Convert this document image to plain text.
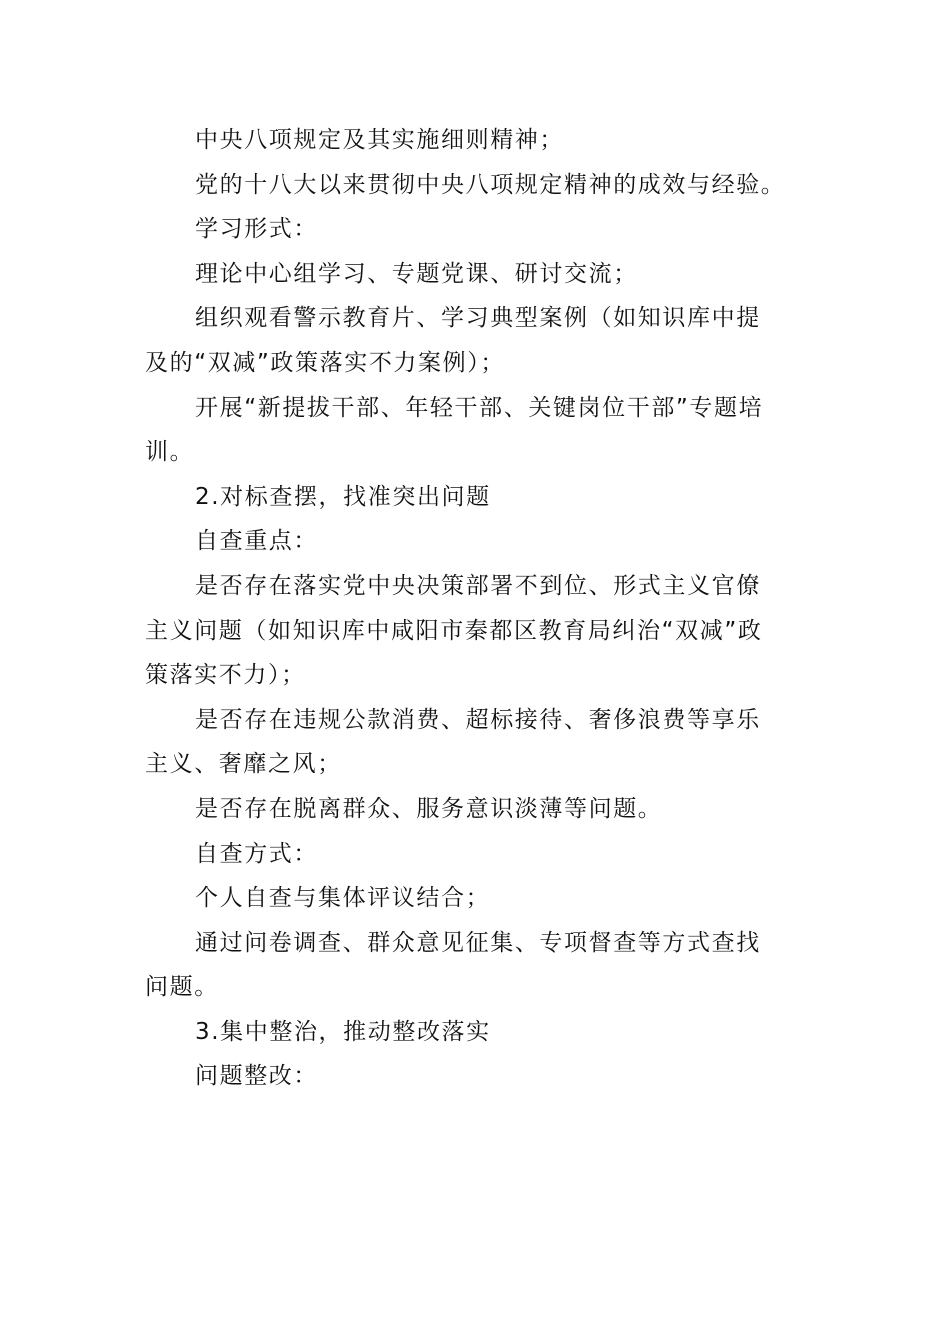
中央八项规定及其实施细则精神；
党的十八大以来贯彻中央八项规定精神的成效与经验。
学习形式：
理论中心组学习、专题党课、研讨交流；
组织观看警示教育片、学习典型案例（如知识库中提
及的“双减”政策落实不力案例）；
开展“新提拔干部、年轻干部、关键岗位干部”专题培
训。
2.对标查摆，找准突出问题
自查重点：
是否存在落实党中央决策部署不到位、形式主义官僚
主义问题（如知识库中咸阳市秦都区教育局纠治“双减”政
策落实不力）；
是否存在违规公款消费、超标接待、奢侈浪费等享乐
主义、奢靡之风；
是否存在脱离群众、服务意识淡薄等问题。
自查方式：
个人自查与集体评议结合；
通过问卷调查、群众意见征集、专项督查等方式查找
问题。
3.集中整治，推动整改落实
问题整改：
